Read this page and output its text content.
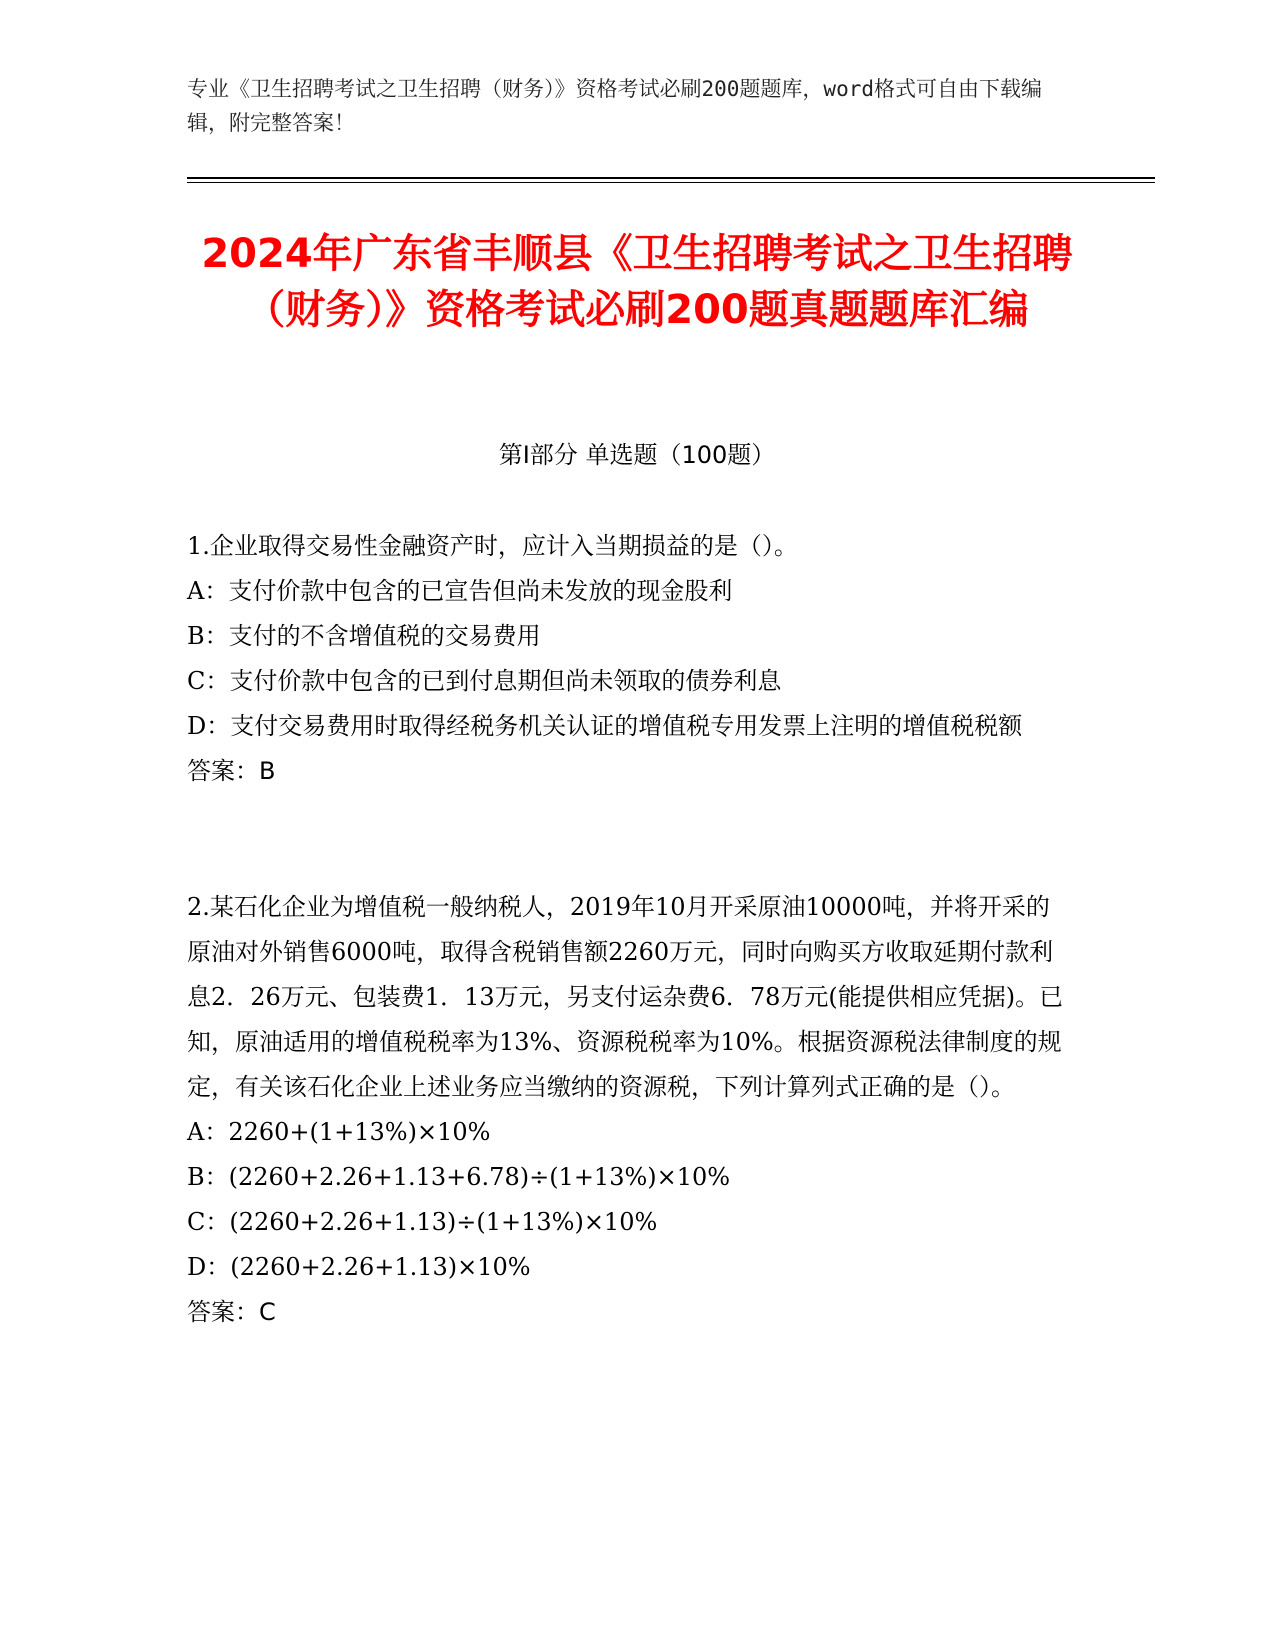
专业《卫生招聘考试之卫生招聘（财务）》资格考试必刷200题题库，word格式可自由下载编辑，附完整答案！
2024年广东省丰顺县《卫生招聘考试之卫生招聘（财务）》资格考试必刷200题真题题库汇编
第Ⅰ部分 单选题（100题）
1.企业取得交易性金融资产时，应计入当期损益的是（）。
A：支付价款中包含的已宣告但尚未发放的现金股利
B：支付的不含增值税的交易费用
C：支付价款中包含的已到付息期但尚未领取的债券利息
D：支付交易费用时取得经税务机关认证的增值税专用发票上注明的增值税税额
答案：B
2.某石化企业为增值税一般纳税人，2019年10月开采原油10000吨，并将开采的原油对外销售6000吨，取得含税销售额2260万元，同时向购买方收取延期付款利息2．26万元、包装费1．13万元，另支付运杂费6．78万元(能提供相应凭据)。已知，原油适用的增值税税率为13%、资源税税率为10%。根据资源税法律制度的规定，有关该石化企业上述业务应当缴纳的资源税，下列计算列式正确的是（）。
A：2260+(1+13%)×10%
B：(2260+2.26+1.13+6.78)÷(1+13%)×10%
C：(2260+2.26+1.13)÷(1+13%)×10%
D：(2260+2.26+1.13)×10%
答案：C
